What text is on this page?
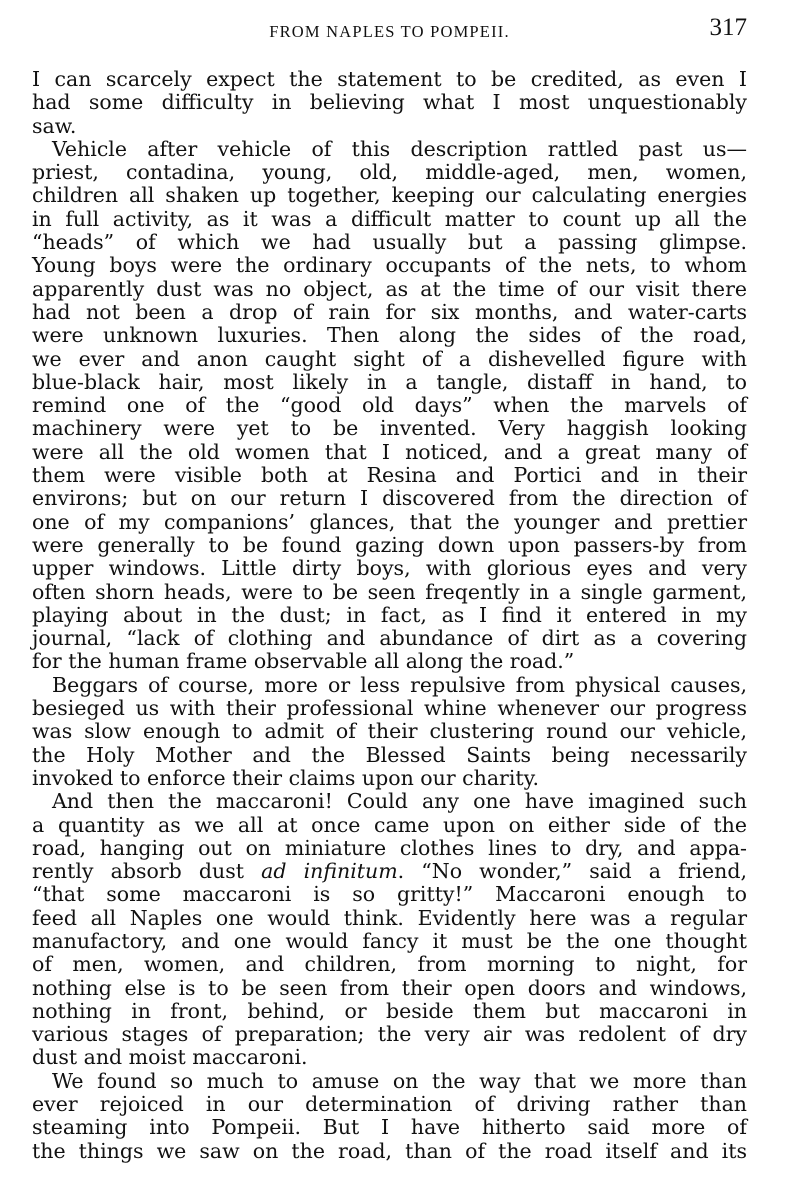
FROM NAPLES TO POMPEII.	317
I can scarcely expect the statement to be credited, as even I
had some difficulty in believing what I most unquestionably
saw.
Vehicle after vehicle of this description rattled past us—
priest, contadina, young, old, middle-aged, men, women,
children all shaken up together, keeping our calculating energies
in full activity, as it was a difficult matter to count up all the
“heads” of which we had usually but a passing glimpse.
Young boys were the ordinary occupants of the nets, to whom
apparently dust was no object, as at the time of our visit there
had not been a drop of rain for six months, and water-carts
were unknown luxuries. Then along the sides of the road,
we ever and anon caught sight of a dishevelled figure with
blue-black hair, most likely in a tangle, distaff in hand, to
remind one of the “good old days” when the marvels of
machinery were yet to be invented. Very haggish looking
were all the old women that I noticed, and a great many of
them were visible both at Resina and Portici and in their
environs; but on our return I discovered from the direction of
one of my companions’ glances, that the younger and prettier
were generally to be found gazing down upon passers-by from
upper windows. Little dirty boys, with glorious eyes and very
often shorn heads, were to be seen freqently in a single garment,
playing about in the dust; in fact, as I find it entered in my
journal, “lack of clothing and abundance of dirt as a covering
for the human frame observable all along the road.”
Beggars of course, more or less repulsive from physical causes,
besieged us with their professional whine whenever our progress
was slow enough to admit of their clustering round our vehicle,
the Holy Mother and the Blessed Saints being necessarily
invoked to enforce their claims upon our charity.
And then the maccaroni! Could any one have imagined such
a quantity as we all at once came upon on either side of the
road, hanging out on miniature clothes lines to dry, and appa-
rently absorb dust ad infinitum. “No wonder,” said a friend,
“that some maccaroni is so gritty!” Maccaroni enough to
feed all Naples one would think. Evidently here was a regular
manufactory, and one would fancy it must be the one thought
of men, women, and children, from morning to night, for
nothing else is to be seen from their open doors and windows,
nothing in front, behind, or beside them but maccaroni in
various stages of preparation; the very air was redolent of dry
dust and moist maccaroni.
We found so much to amuse on the way that we more than
ever rejoiced in our determination of driving rather than
steaming into Pompeii. But I have hitherto said more of
the things we saw on the road, than of the road itself and its
